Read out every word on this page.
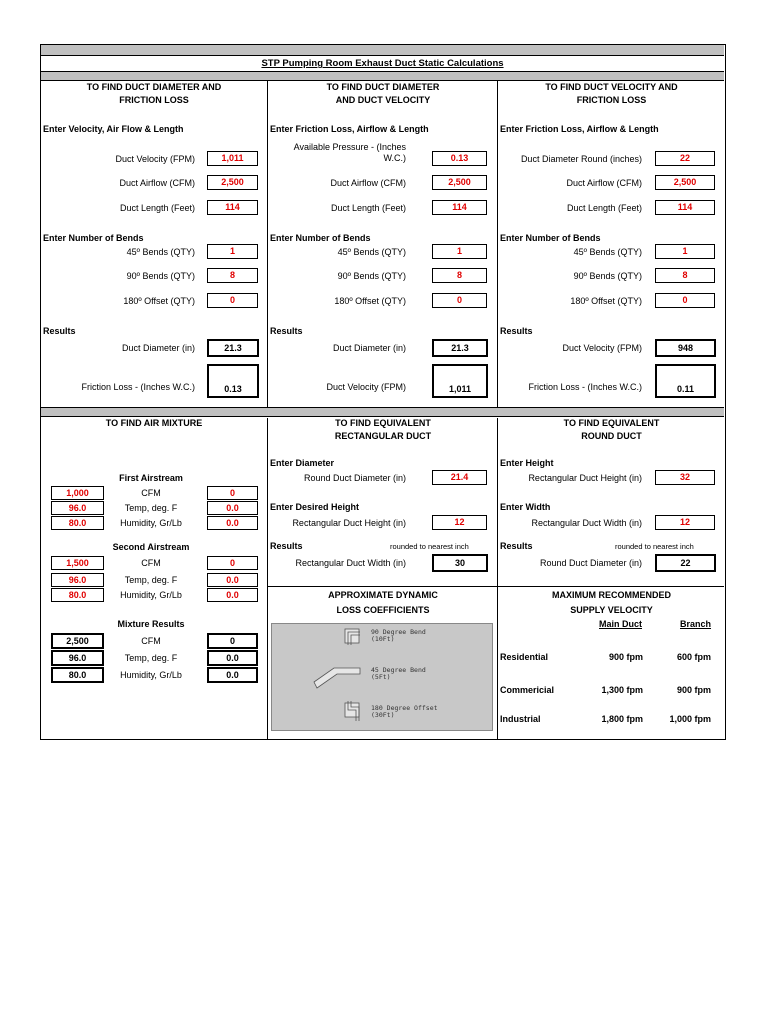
STP Pumping Room Exhaust Duct Static Calculations
TO FIND DUCT DIAMETER AND
FRICTION LOSS
Enter Velocity, Air Flow & Length
Duct Velocity (FPM)	1,011
Duct Airflow (CFM)	2,500
Duct Length (Feet)	114
Enter Number of Bends
45º Bends (QTY)	1
90º Bends (QTY)	8
180º Offset (QTY)	0
Results
Duct Diameter (in)	21.3
Friction Loss - (Inches W.C.)	0.13
TO FIND DUCT DIAMETER
AND DUCT VELOCITY
Enter Friction Loss, Airflow & Length
Available Pressure - (Inches
W.C.)	0.13
Duct Airflow (CFM)	2,500
Duct Length (Feet)	114
Enter Number of Bends
45º Bends (QTY)	1
90º Bends (QTY)	8
180º Offset (QTY)	0
Results
Duct Diameter (in)	21.3
Duct Velocity (FPM)	1,011
TO FIND DUCT VELOCITY AND
FRICTION LOSS
Enter Friction Loss, Airflow & Length
Duct Diameter Round (inches)	22
Duct Airflow (CFM)	2,500
Duct Length (Feet)	114
Enter Number of Bends
45º Bends (QTY)	1
90º Bends (QTY)	8
180º Offset (QTY)	0
Results
Duct Velocity (FPM)	948
Friction Loss - (Inches W.C.)	0.11
TO FIND AIR MIXTURE
First Airstream
1,000	CFM	0
96.0	Temp, deg. F	0.0
80.0	Humidity, Gr/Lb	0.0
Second Airstream
1,500	CFM	0
96.0	Temp, deg. F	0.0
80.0	Humidity, Gr/Lb	0.0
Mixture Results
2,500	CFM	0
96.0	Temp, deg. F	0.0
80.0	Humidity, Gr/Lb	0.0
TO FIND EQUIVALENT
RECTANGULAR DUCT
Enter Diameter
Round Duct Diameter (in)	21.4
Enter Desired Height
Rectangular Duct Height (in)	12
Results	rounded to nearest inch
Rectangular Duct Width (in)	30
TO FIND EQUIVALENT
ROUND DUCT
Enter Height
Rectangular Duct Height (in)	32
Enter Width
Rectangular Duct Width (in)	12
Results	rounded to nearest inch
Round Duct Diameter (in)	22
APPROXIMATE DYNAMIC
LOSS COEFFICIENTS
90 Degree Bend
(10Ft)
45 Degree Bend
(5Ft)
180 Degree Offset
(30Ft)
MAXIMUM RECOMMENDED
SUPPLY VELOCITY
Main Duct	Branch
Residential	900 fpm	600 fpm
Commericial	1,300 fpm	900 fpm
Industrial	1,800 fpm	1,000 fpm
